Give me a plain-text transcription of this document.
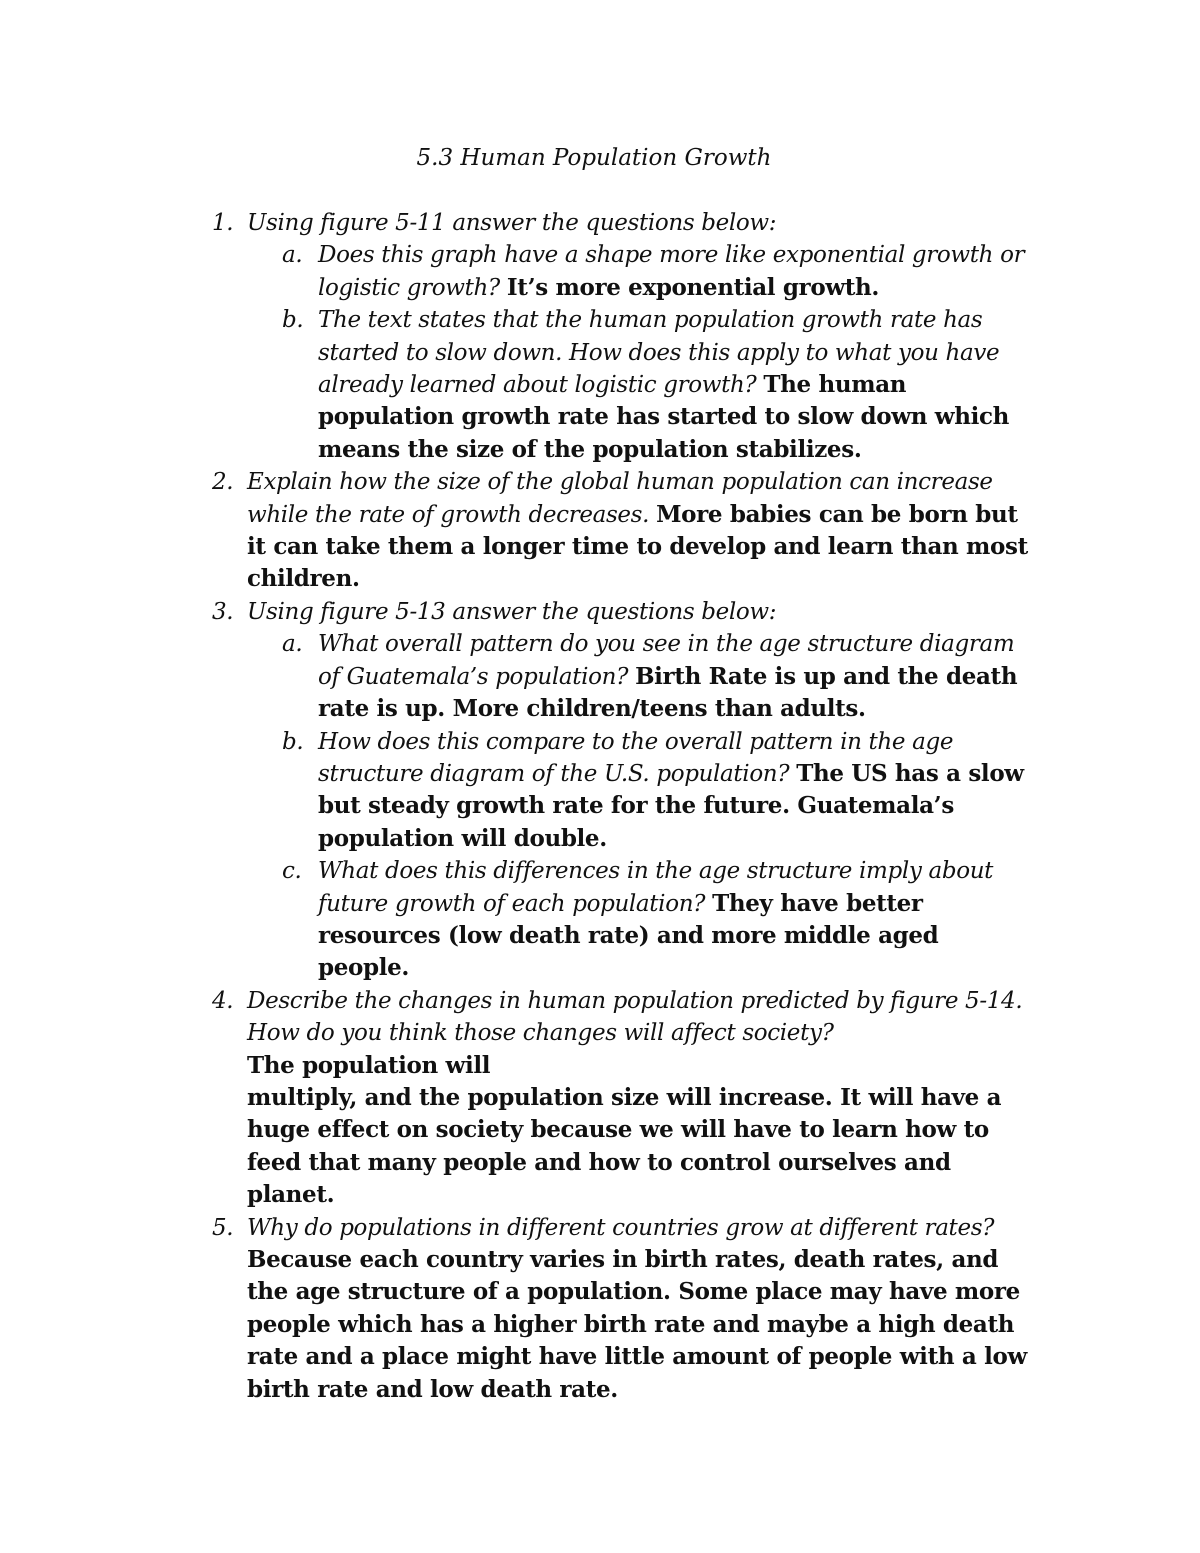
5.3 Human Population Growth
1. Using figure 5-11 answer the questions below:
a. Does this graph have a shape more like exponential growth or logistic growth? It’s more exponential growth.
b. The text states that the human population growth rate has started to slow down. How does this apply to what you have already learned about logistic growth? The human population growth rate has started to slow down which means the size of the population stabilizes.
2. Explain how the size of the global human population can increase while the rate of growth decreases. More babies can be born but it can take them a longer time to develop and learn than most children.
3. Using figure 5-13 answer the questions below:
a. What overall pattern do you see in the age structure diagram of Guatemala’s population? Birth Rate is up and the death rate is up. More children/teens than adults.
b. How does this compare to the overall pattern in the age structure diagram of the U.S. population? The US has a slow but steady growth rate for the future. Guatemala’s population will double.
c. What does this differences in the age structure imply about future growth of each population? They have better resources (low death rate) and more middle aged people.
4. Describe the changes in human population predicted by figure 5-14. How do you think those changes will affect society?
The population will
multiply, and the population size will increase. It will have a huge effect on society because we will have to learn how to feed that many people and how to control ourselves and planet.
5. Why do populations in different countries grow at different rates? Because each country varies in birth rates, death rates, and the age structure of a population. Some place may have more people which has a higher birth rate and maybe a high death rate and a place might have little amount of people with a low birth rate and low death rate.
